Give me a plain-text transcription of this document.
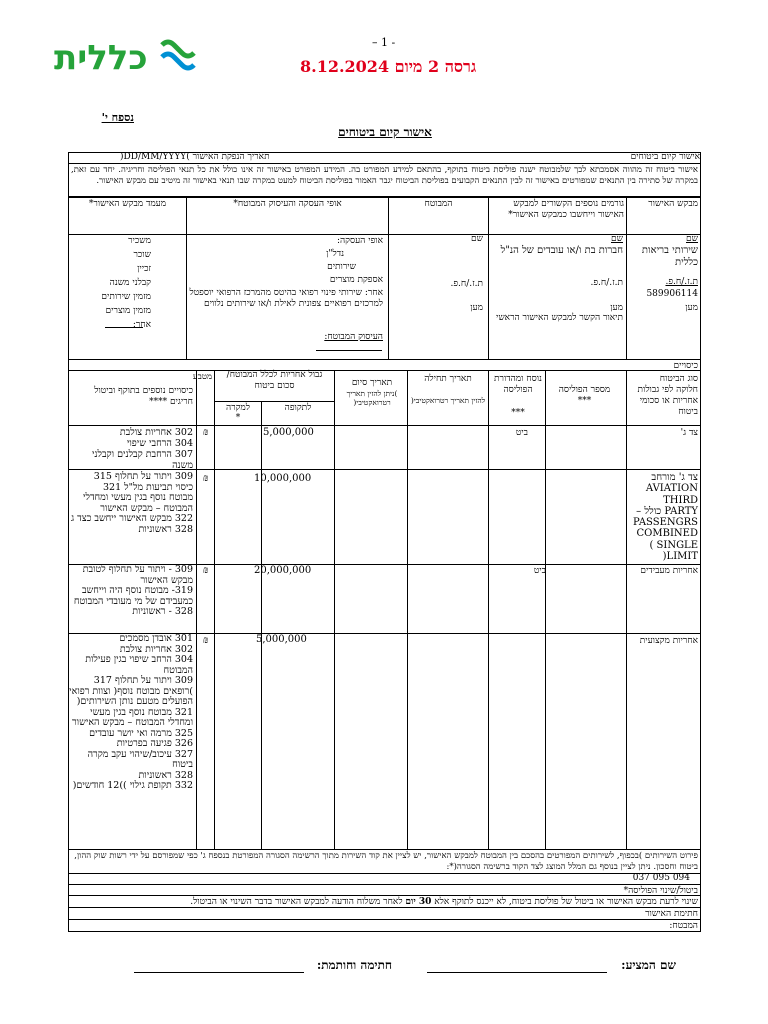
כללית	– 1 -
גרסה 2 מיום 8.12.2024
נספח י'
אישור קיום ביטוחים
אישור קיום ביטוחים
תאריך הנפקת האישור )DD/MM/YYYY(
אישור ביטוח זה מהווה אסמכתא לכך שלמבוטח ישנה פוליסת ביטוח בתוקף, בהתאם למידע המפורט בה. המידע המפורט באישור זה אינו כולל את כל תנאי הפוליסה וחריגיה. יחד עם זאת, במקרה של סתירה בין התנאים שמפורטים באישור זה לבין התנאים הקבועים בפוליסת הביטוח יגבר האמור בפוליסת הביטוח למעט במקרה שבו תנאי באישור זה מיטיב עם מבקש האישור.
מבקש האישור
גורמים נוספים הקשורים למבקש האישור וייחשבו כמבקש האישור*
המבוטח
אופי העסקה והעיסוק המבוטח*
מעמד מבקש האישור*
שם
שירותי בריאות כללית
ת.ז./ח.פ.
589906114
מען
שם
חברות בת ו/או עובדים של הנ"ל
ת.ז./ח.פ.
מען
תיאור הקשר למבקש האישור הראשי
שם
ת.ז./ח.פ.
מען
אופי העסקה:
נדל"ן
שירותים
אספקת מוצרים
אחר: שירותי פינוי רפואי בהיטס מהמרכז הרפואי יוספטל למרכזים רפואיים צפונית לאילת ו/או שירותים נלווים
העיסוק המבוטח:
משכיר
שוכר
זכיין
קבלני משנה
מזמין שירותים
מזמין מוצרים
אחר:
כיסויים
סוג הביטוח
חלוקה לפי גבולות אחריות או סכומי ביטוח
מספר הפוליסה
***
נוסח ומהדורת הפוליסה
***
תאריך תחילה
להזין תאריך רטרואקטיבי(
תאריך סיום
)ניתן להזין תאריך רטרואקטיבי(
גבול אחריות לכלל המבוטח/ סכום ביטוח
לתקופה
למקרה
*
מטבע
כיסויים נוספים בתוקף וביטול חריגים ****
צד ג'
ביט
5,000,000
₪
302 אחריות צולבת
304 הרחבי שיפוי
307 הרחבת קבלנים וקבלני משנה
צד ג' מורחב AVIATION THIRD PARTY כולל – PASSENGRS COMBINED ( SINGLE LIMIT(
10,000,000
₪
309 ויתור על תחלוף 315
כיסוי תביעות מל"ל 321
מבוטח נוסף בגין מעשי ומחדלי המבוטח – מבקש האישור
322 מבקש האישור ייחשב כצד ג
328 ראשוניות
אחריות מעבידים
ביט
20,000,000
₪
309 - ויתור על תחלוף לטובת מבקש האישור
319- מבוטח נוסף היה וייחשב כמעבידם של מי מעובדי המבוטח
328 - ראשוניות
אחריות מקצועית
5,000,000
₪
301 אובדן מסמכים
302 אחריות צולבת
304 הרחב שיפוי בגין פעילות המבוטח
309 ויתור על תחלוף 317 )רופאים מבוטח נוסף( וצוות רפואי הפועלים מטעם נותן השירותים(
321 מבוטח נוסף בגין מעשי ומחדלי המבוטח – מבקש האישור
325 מרמה ואי יושר עובדים
326 פגיעה בפרטיות
327 עיכוב/שיהוי עקב מקרה ביטוח
328 ראשוניות
332 תקופת גילוי ))12 חודשים(
פירוט השירותים )בכפוף, לשירותים המפורטים בהסכם בין המבוטח למבקש האישור, יש לציין את קוד השירות מתוך הרשימה הסגורה המפורטת בנספח ג' כפי שמפורסם על ידי רשות שוק ההון, ביטוח וחסכון. ניתן לציין בנוסף גם המלל המוצג לצד הקוד ברשימה הסגורה(*:
037 095 094
ביטול/שינוי הפוליסה*
שינוי לרעת מבקש האישור או ביטול של פוליסת ביטוח, לא ייכנס לתוקף אלא 30 יום לאחר משלוח הודעה למבקש האישור בדבר השינוי או הביטול.
חתימת האישור
המבטח:
שם המציע:
חתימה וחותמת:
